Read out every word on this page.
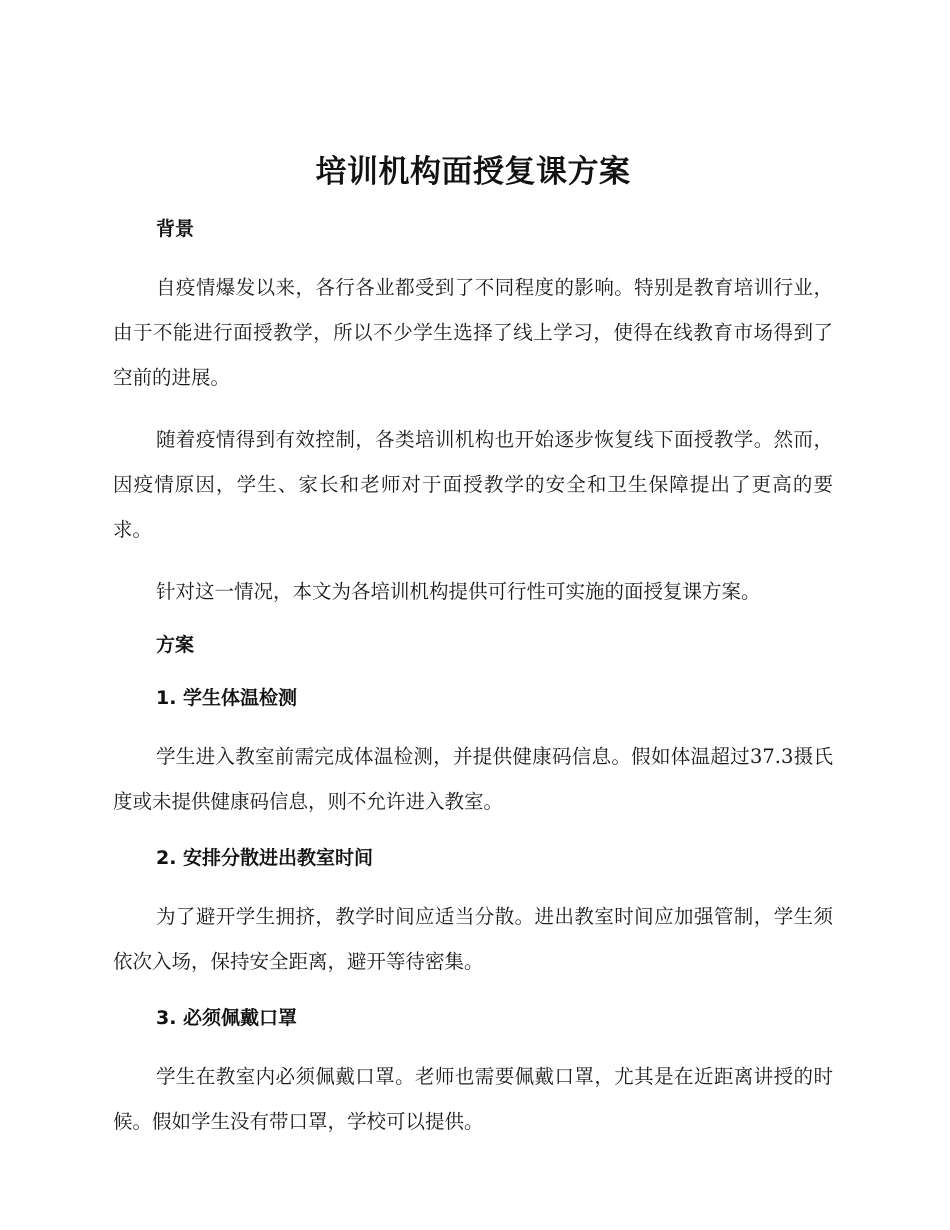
培训机构面授复课方案
背景

自疫情爆发以来，各行各业都受到了不同程度的影响。特别是教育培训行业，由于不能进行面授教学，所以不少学生选择了线上学习，使得在线教育市场得到了空前的进展。

随着疫情得到有效控制，各类培训机构也开始逐步恢复线下面授教学。然而，因疫情原因，学生、家长和老师对于面授教学的安全和卫生保障提出了更高的要求。

针对这一情况，本文为各培训机构提供可行性可实施的面授复课方案。

方案
1. 学生体温检测

学生进入教室前需完成体温检测，并提供健康码信息。假如体温超过37.3摄氏度或未提供健康码信息，则不允许进入教室。

2. 安排分散进出教室时间

为了避开学生拥挤，教学时间应适当分散。进出教室时间应加强管制，学生须依次入场，保持安全距离，避开等待密集。

3. 必须佩戴口罩

学生在教室内必须佩戴口罩。老师也需要佩戴口罩，尤其是在近距离讲授的时候。假如学生没有带口罩，学校可以提供。
